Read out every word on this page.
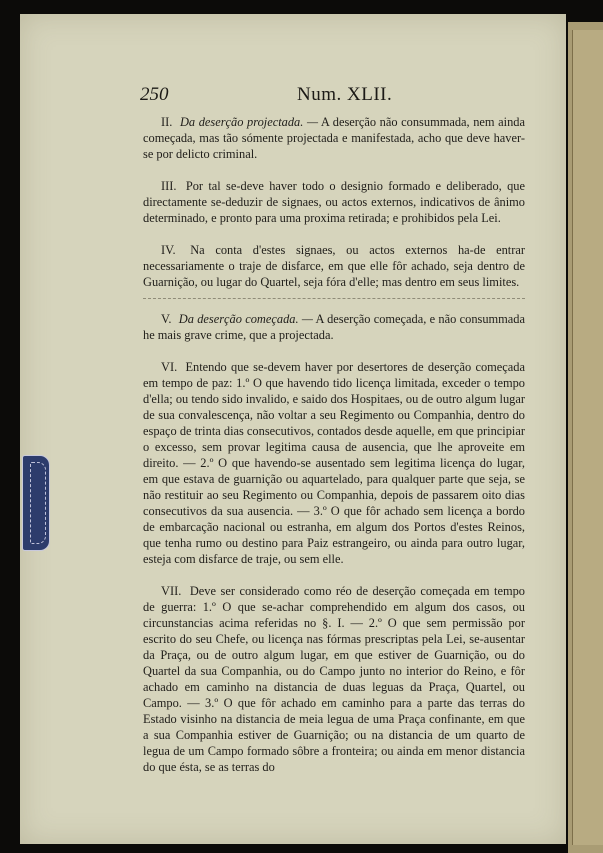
250	Num. XLII.

II. Da deserção projectada. — A deserção não consummada, nem ainda começada, mas tão sómente projectada e manifestada, acho que deve haver-se por delicto criminal.

III. Por tal se-deve haver todo o designio formado e deliberado, que directamente se-deduzir de signaes, ou actos externos, indicativos de ânimo determinado, e pronto para uma proxima retirada; e prohibidos pela Lei.

IV. Na conta d'estes signaes, ou actos externos ha-de entrar necessariamente o traje de disfarce, em que elle fôr achado, seja dentro de Guarnição, ou lugar do Quartel, seja fóra d'elle; mas dentro em seus limites.

V. Da deserção começada. — A deserção começada, e não consummada he mais grave crime, que a projectada.

VI. Entendo que se-devem haver por desertores de deserção começada em tempo de paz: 1.º O que havendo tido licença limitada, exceder o tempo d'ella; ou tendo sido invalido, e saido dos Hospitaes, ou de outro algum lugar de sua convalescença, não voltar a seu Regimento ou Companhia, dentro do espaço de trinta dias consecutivos, contados desde aquelle, em que principiar o excesso, sem provar legitima causa de ausencia, que lhe aproveite em direito. — 2.º O que havendo-se ausentado sem legitima licença do lugar, em que estava de guarnição ou aquartelado, para qualquer parte que seja, se não restituir ao seu Regimento ou Companhia, depois de passarem oito dias consecutivos da sua ausencia. — 3.º O que fôr achado sem licença a bordo de embarcação nacional ou estranha, em algum dos Portos d'estes Reinos, que tenha rumo ou destino para Paiz estrangeiro, ou ainda para outro lugar, esteja com disfarce de traje, ou sem elle.

VII. Deve ser considerado como réo de deserção começada em tempo de guerra: 1.º O que se-achar comprehendido em algum dos casos, ou circunstancias acima referidas no §. I. — 2.º O que sem permissão por escrito do seu Chefe, ou licença nas fórmas prescriptas pela Lei, se-ausentar da Praça, ou de outro algum lugar, em que estiver de Guarnição, ou do Quartel da sua Companhia, ou do Campo junto no interior do Reino, e fôr achado em caminho na distancia de duas leguas da Praça, Quartel, ou Campo. — 3.º O que fôr achado em caminho para a parte das terras do Estado visinho na distancia de meia legua de uma Praça confinante, em que a sua Companhia estiver de Guarnição; ou na distancia de um quarto de legua de um Campo formado sôbre a fronteira; ou ainda em menor distancia do que ésta, se as terras do
